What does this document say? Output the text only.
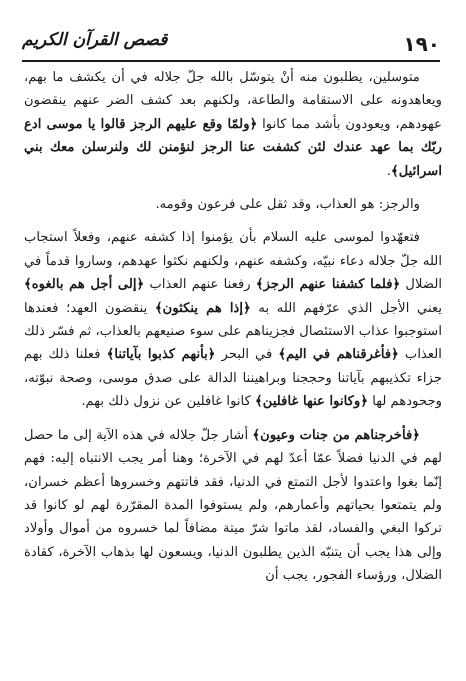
قصص القرآن الكريم	١٩٠

متوسلين، يطلبون منه أنْ يتوسّل بالله جلّ جلاله في أن يكشف ما بهم، ويعاهدونه على الاستقامة والطاعة، ولكنهم بعد كشف الضر عنهم ينقضون عهودهم، ويعودون بأشد مما كانوا ﴿ولمّا وقع عليهم الرجز قالوا يا موسى ادع ربّك بما عهد عندك لئن كشفت عنا الرجز لنؤمنن لك ولنرسلن معك بني اسرائيل﴾.

والرجز: هو العذاب، وقد ثقل على فرعون وقومه.

فتعهّدوا لموسى عليه السلام بأن يؤمنوا إذا كشفه عنهم، وفعلاً استجاب الله جلّ جلاله دعاء نبيّه، وكشفه عنهم، ولكنهم نكثوا عهدهم، وساروا قدماً في الضلال ﴿فلما كشفنا عنهم الرجز﴾ رفعنا عنهم العذاب ﴿إلى أجل هم بالغوه﴾ يعني الأجل الذي عرّفهم الله به ﴿إذا هم ينكثون﴾ ينقضون العهد؛ فعندها استوجبوا عذاب الاستئصال فجزيناهم على سوء صنيعهم بالعذاب، ثم فسّر ذلك العذاب ﴿فأغرقناهم في اليم﴾ في البحر ﴿بأنهم كذبوا بآياتنا﴾ فعلنا ذلك بهم جزاء تكذيبهم بآياتنا وحججنا وبراهيننا الدالة على صدق موسى، وصحة نبوّته، وجحودهم لها ﴿وكانوا عنها غافلين﴾ كانوا غافلين عن نزول ذلك بهم.

﴿فأخرجناهم من جنات وعيون﴾ أشار جلّ جلاله في هذه الآية إلى ما حصل لهم في الدنيا فضلاً عمّا أعدّ لهم في الآخرة؛ وهنا أمر يجب الانتباه إليه: فهم إنّما بغوا واعتدوا لأجل التمتع في الدنيا، فقد فاتتهم وخسروها أعظم خسران، ولم يتمتعوا بحياتهم وأعمارهم، ولم يستوفوا المدة المقرّرة لهم لو كانوا قد تركوا البغي والفساد، لقد ماتوا شرّ ميتة مضافاً لما خسروه من أموال وأولاد وإلى هذا يجب أن يتنبّه الذين يطلبون الدنيا، ويسعون لها بذهاب الآخرة، كقادة الضلال، ورؤساء الفجور، يجب أن
